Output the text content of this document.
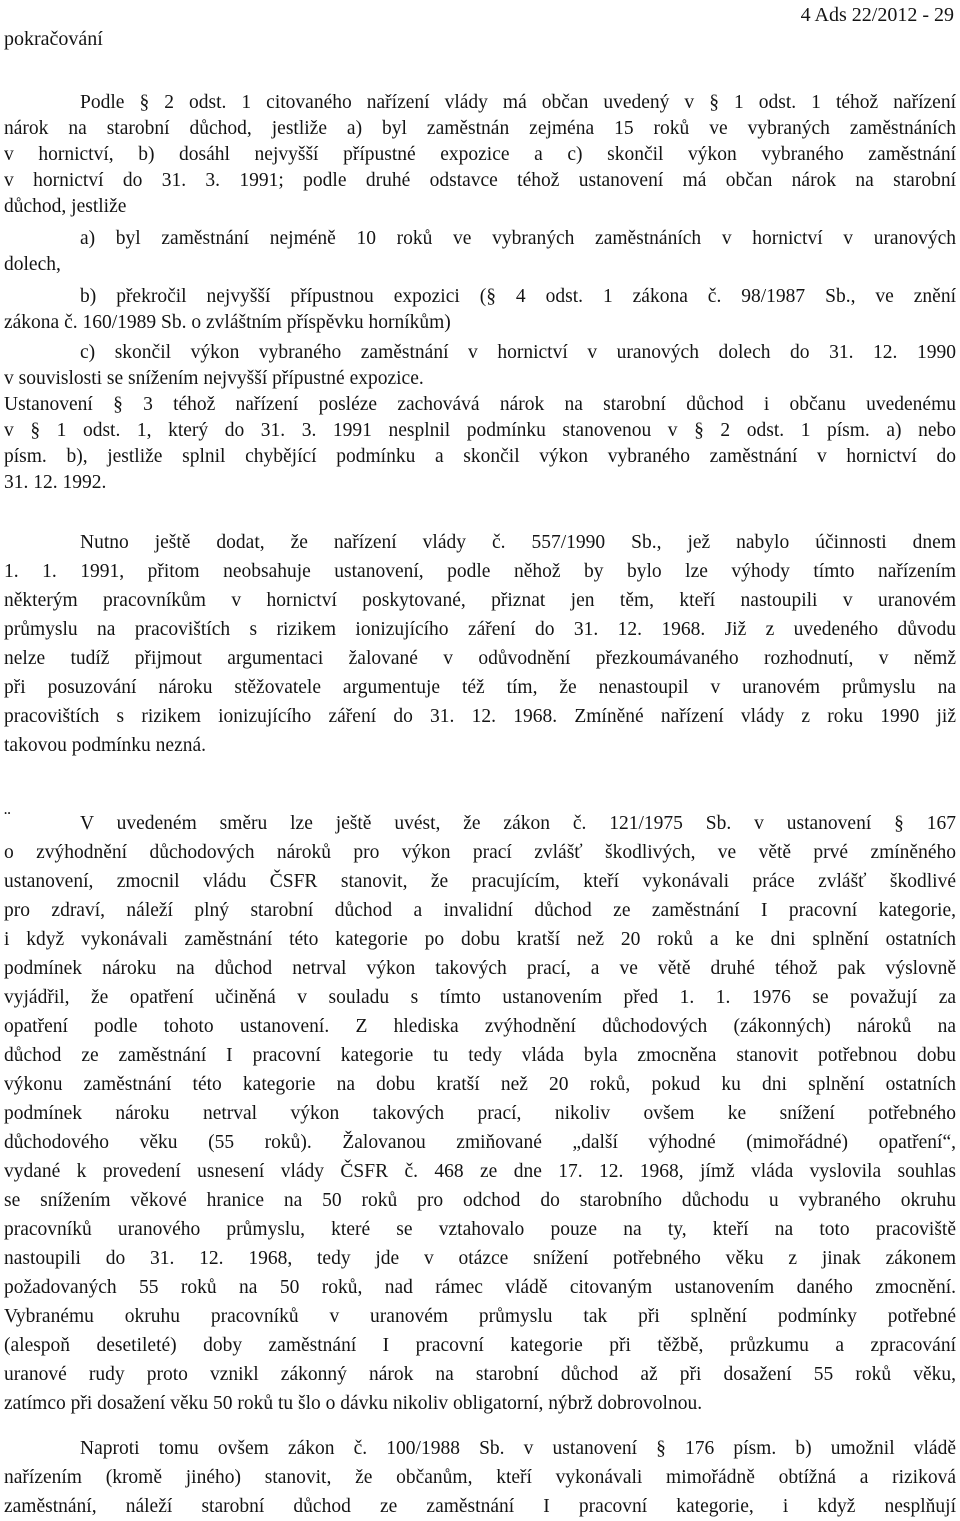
pokračování
4 Ads 22/2012 - 29
Podle § 2 odst. 1 citovaného nařízení vlády má občan uvedený v § 1 odst. 1 téhož nařízení
nárok na starobní důchod, jestliže a) byl zaměstnán zejména 15 roků ve vybraných zaměstnáních
v hornictví, b) dosáhl nejvyšší přípustné expozice a c) skončil výkon vybraného zaměstnání
v hornictví do 31. 3. 1991; podle druhé odstavce téhož ustanovení má občan nárok na starobní
důchod, jestliže
a) byl zaměstnání nejméně 10 roků ve vybraných zaměstnáních v hornictví v uranových
dolech,
b) překročil nejvyšší přípustnou expozici (§ 4 odst. 1 zákona č. 98/1987 Sb., ve znění
zákona č. 160/1989 Sb. o zvláštním příspěvku horníkům)
c) skončil výkon vybraného zaměstnání v hornictví v uranových dolech do 31. 12. 1990
v souvislosti se snížením nejvyšší přípustné expozice.
Ustanovení § 3 téhož nařízení posléze zachovává nárok na starobní důchod i občanu uvedenému
v § 1 odst. 1, který do 31. 3. 1991 nesplnil podmínku stanovenou v § 2 odst. 1 písm. a) nebo
písm. b), jestliže splnil chybějící podmínku a skončil výkon vybraného zaměstnání v hornictví do
31. 12. 1992.
Nutno ještě dodat, že nařízení vlády č. 557/1990 Sb., jež nabylo účinnosti dnem
1. 1. 1991, přitom neobsahuje ustanovení, podle něhož by bylo lze výhody tímto nařízením
některým pracovníkům v hornictví poskytované, přiznat jen těm, kteří nastoupili v uranovém
průmyslu na pracovištích s rizikem ionizujícího záření do 31. 12. 1968. Již z uvedeného důvodu
nelze tudíž přijmout argumentaci žalované v odůvodnění přezkoumávaného rozhodnutí, v němž
při posuzování nároku stěžovatele argumentuje též tím, že nenastoupil v uranovém průmyslu na
pracovištích s rizikem ionizujícího záření do 31. 12. 1968. Zmíněné nařízení vlády z roku 1990 již
takovou podmínku nezná.
¨	V uvedeném směru lze ještě uvést, že zákon č. 121/1975 Sb. v ustanovení § 167
o zvýhodnění důchodových nároků pro výkon prací zvlášť škodlivých, ve větě prvé zmíněného
ustanovení, zmocnil vládu ČSFR stanovit, že pracujícím, kteří vykonávali práce zvlášť škodlivé
pro zdraví, náleží plný starobní důchod a invalidní důchod ze zaměstnání I pracovní kategorie,
i když vykonávali zaměstnání této kategorie po dobu kratší než 20 roků a ke dni splnění ostatních
podmínek nároku na důchod netrval výkon takových prací, a ve větě druhé téhož pak výslovně
vyjádřil, že opatření učiněná v souladu s tímto ustanovením před 1. 1. 1976 se považují za
opatření podle tohoto ustanovení. Z hlediska zvýhodnění důchodových (zákonných) nároků na
důchod ze zaměstnání I pracovní kategorie tu tedy vláda byla zmocněna stanovit potřebnou dobu
výkonu zaměstnání této kategorie na dobu kratší než 20 roků, pokud ku dni splnění ostatních
podmínek nároku netrval výkon takových prací, nikoliv ovšem ke snížení potřebného
důchodového věku (55 roků). Žalovanou zmiňované „další výhodné (mimořádné) opatření“,
vydané k provedení usnesení vlády ČSFR č. 468 ze dne 17. 12. 1968, jímž vláda vyslovila souhlas
se snížením věkové hranice na 50 roků pro odchod do starobního důchodu u vybraného okruhu
pracovníků uranového průmyslu, které se vztahovalo pouze na ty, kteří na toto pracoviště
nastoupili do 31. 12. 1968, tedy jde v otázce snížení potřebného věku z jinak zákonem
požadovaných 55 roků na 50 roků, nad rámec vládě citovaným ustanovením daného zmocnění.
Vybranému okruhu pracovníků v uranovém průmyslu tak při splnění podmínky potřebné
(alespoň desetileté) doby zaměstnání I pracovní kategorie při těžbě, průzkumu a zpracování
uranové rudy proto vznikl zákonný nárok na starobní důchod až při dosažení 55 roků věku,
zatímco při dosažení věku 50 roků tu šlo o dávku nikoliv obligatorní, nýbrž dobrovolnou.
Naproti tomu ovšem zákon č. 100/1988 Sb. v ustanovení § 176 písm. b) umožnil vládě
nařízením (kromě jiného) stanovit, že občanům, kteří vykonávali mimořádně obtížná a riziková
zaměstnání, náleží starobní důchod ze zaměstnání I pracovní kategorie, i když nesplňují
